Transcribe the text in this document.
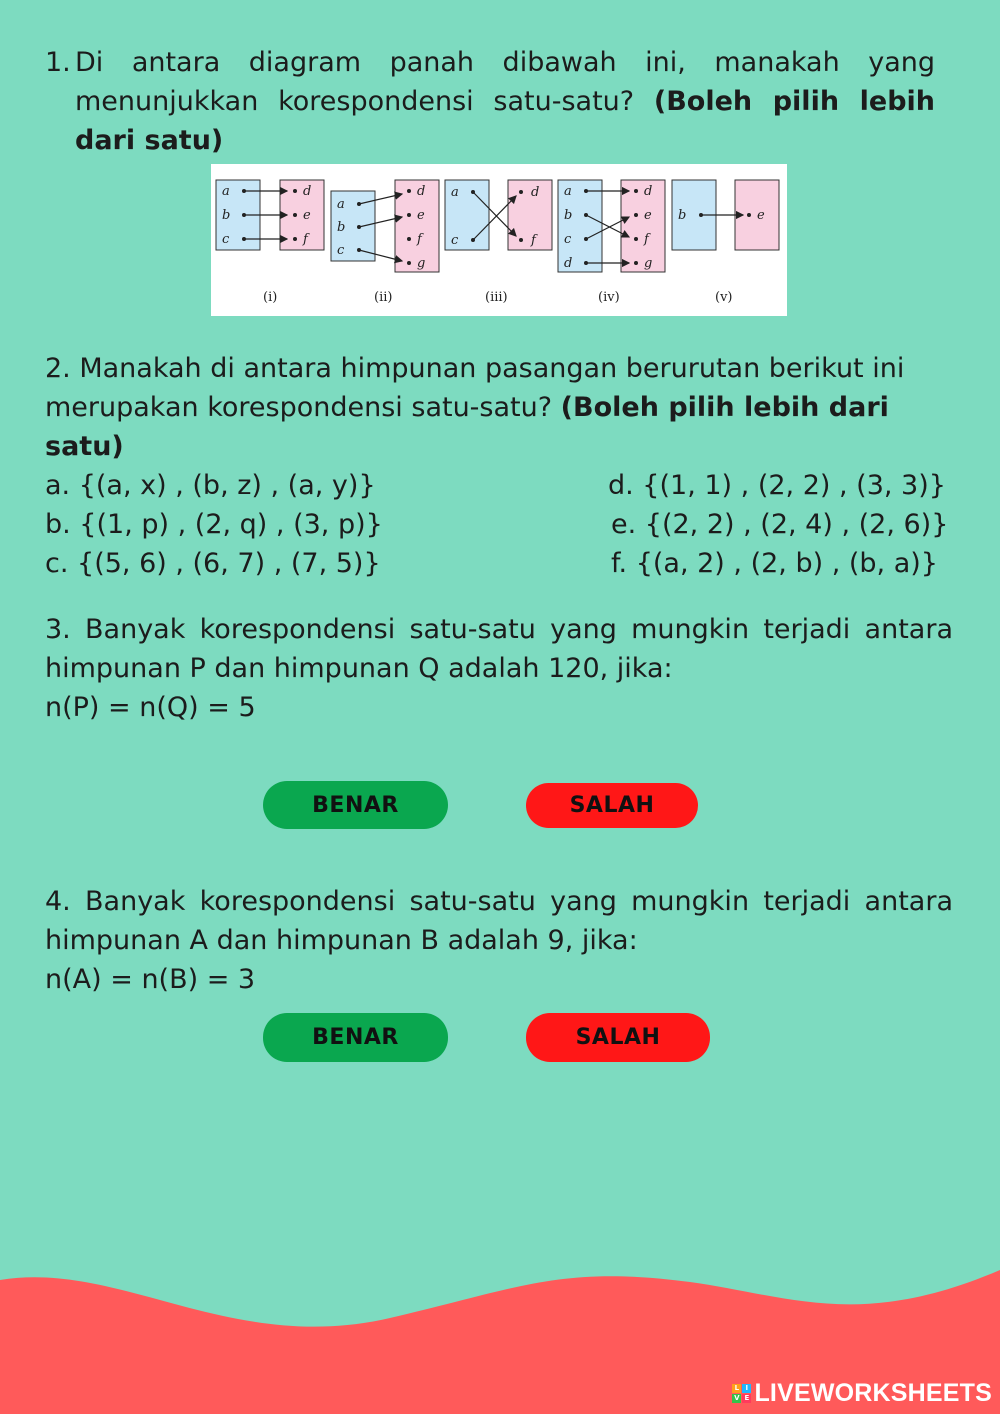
1. Di antara diagram panah dibawah ini, manakah yang menunjukkan korespondensi satu-satu? (Boleh pilih lebih dari satu)
a
b
c
d
e
f
(i)
a
b
c
d
e
f
g
(ii)
a
c
d
f
(iii)
a
b
c
d
d
e
f
g
(iv)
b	e
(v)
2. Manakah di antara himpunan pasangan berurutan berikut ini merupakan korespondensi satu-satu? (Boleh pilih lebih dari satu)
a. {(a, x) , (b, z) , (a, y)}
b. {(1, p) , (2, q) , (3, p)}
c. {(5, 6) , (6, 7) , (7, 5)}
d. {(1, 1) , (2, 2) , (3, 3)}
e. {(2, 2) , (2, 4) , (2, 6)}
f. {(a, 2) , (2, b) , (b, a)}
3. Banyak korespondensi satu-satu yang mungkin terjadi antara himpunan P dan himpunan Q adalah 120, jika:
n(P) = n(Q) = 5
BENAR	SALAH
4. Banyak korespondensi satu-satu yang mungkin terjadi antara himpunan A dan himpunan B adalah 9, jika:
n(A) = n(B) = 3
BENAR	SALAH
L I
V E LIVEWORKSHEETS
